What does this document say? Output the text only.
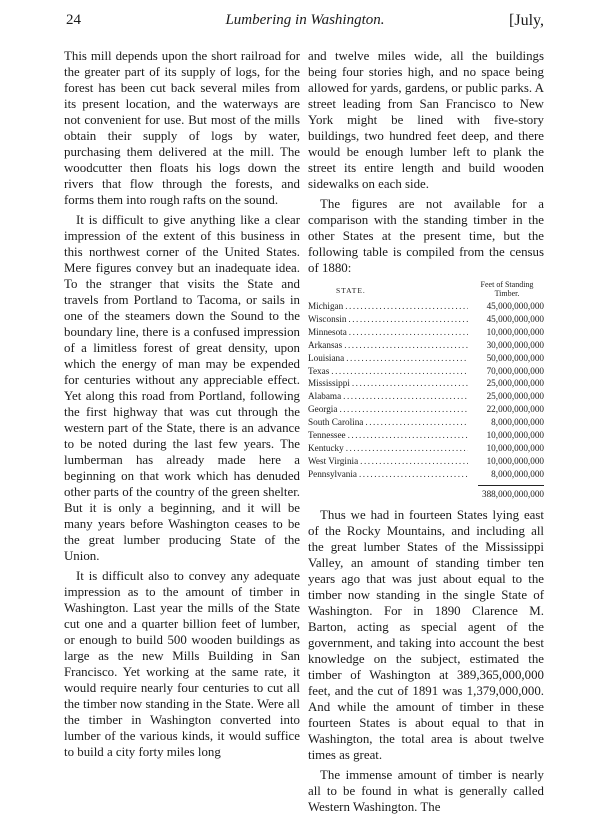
24	Lumbering in Washington.	[July,

This mill depends upon the short railroad for the greater part of its supply of logs, for the forest has been cut back several miles from its present location, and the waterways are not convenient for use. But most of the mills obtain their supply of logs by water, purchasing them delivered at the mill. The woodcutter then floats his logs down the rivers that flow through the forests, and forms them into rough rafts on the sound.

It is difficult to give anything like a clear impression of the extent of this business in this northwest corner of the United States. Mere figures convey but an inadequate idea. To the stranger that visits the State and travels from Portland to Tacoma, or sails in one of the steamers down the Sound to the boundary line, there is a confused impression of a limitless forest of great density, upon which the energy of man may be expended for centuries without any appreciable effect. Yet along this road from Portland, following the first highway that was cut through the western part of the State, there is an advance to be noted during the last few years. The lumberman has already made here a beginning on that work which has denuded other parts of the country of the green shelter. But it is only a beginning, and it will be many years before Washington ceases to be the great lumber producing State of the Union.

It is difficult also to convey any adequate impression as to the amount of timber in Washington. Last year the mills of the State cut one and a quarter billion feet of lumber, or enough to build 500 wooden buildings as large as the new Mills Building in San Francisco. Yet working at the same rate, it would require nearly four centuries to cut all the timber now standing in the State. Were all the timber in Washington converted into lumber of the various kinds, it would suffice to build a city forty miles long

and twelve miles wide, all the buildings being four stories high, and no space being allowed for yards, gardens, or public parks. A street leading from San Francisco to New York might be lined with five-story buildings, two hundred feet deep, and there would be enough lumber left to plank the street its entire length and build wooden sidewalks on each side.

The figures are not available for a comparison with the standing timber in the other States at the present time, but the following table is compiled from the census of 1880:

STATE.
Feet of Standing Timber.
Michigan .....	45,000,000,000
Wisconsin .....	45,000,000,000
Minnesota .....	10,000,000,000
Arkansas .....	30,000,000,000
Louisiana .....	50,000,000,000
Texas .....	70,000,000,000
Mississippi .....	25,000,000,000
Alabama .....	25,000,000,000
Georgia .....	22,000,000,000
South Carolina .....	8,000,000,000
Tennessee .....	10,000,000,000
Kentucky .....	10,000,000,000
West Virginia .....	10,000,000,000
Pennsylvania .....	8,000,000,000
388,000,000,000

Thus we had in fourteen States lying east of the Rocky Mountains, and including all the great lumber States of the Mississippi Valley, an amount of standing timber ten years ago that was just about equal to the timber now standing in the single State of Washington. For in 1890 Clarence M. Barton, acting as special agent of the government, and taking into account the best knowledge on the subject, estimated the timber of Washington at 389,365,000,000 feet, and the cut of 1891 was 1,379,000,000. And while the amount of timber in these fourteen States is about equal to that in Washington, the total area is about twelve times as great.

The immense amount of timber is nearly all to be found in what is generally called Western Washington. The
